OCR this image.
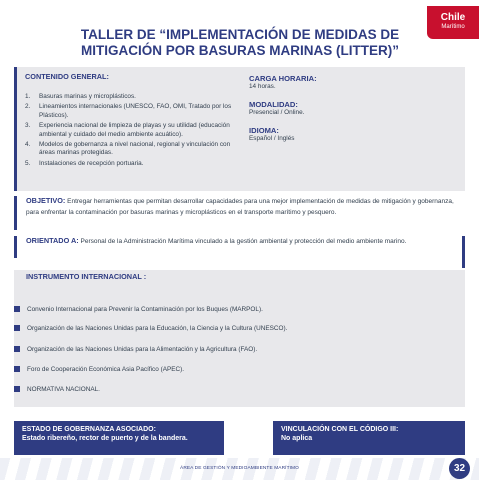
Chile
Marítimo
TALLER DE “IMPLEMENTACIÓN DE MEDIDAS DE
MITIGACIÓN POR BASURAS MARINAS (LITTER)”
CONTENIDO GENERAL:
1. Basuras marinas y microplásticos.
2. Lineamientos internacionales (UNESCO, FAO, OMI, Tratado por los Plásticos).
3. Experiencia nacional de limpieza de playas y su utilidad (educación ambiental y cuidado del medio ambiente acuático).
4. Modelos de gobernanza a nivel nacional, regional y vinculación con áreas marinas protegidas.
5. Instalaciones de recepción portuaria.
CARGA HORARIA:
14 horas.
MODALIDAD:
Presencial / Online.
IDIOMA:
Español / Inglés
OBJETIVO: Entregar herramientas que permitan desarrollar capacidades para una mejor implementación de medidas de mitigación y gobernanza, para enfrentar la contaminación por basuras marinas y microplásticos en el transporte marítimo y pesquero.
ORIENTADO A: Personal de la Administración Marítima vinculado a la gestión ambiental y protección del medio ambiente marino.
INSTRUMENTO INTERNACIONAL :
Convenio Internacional para Prevenir la Contaminación por los Buques (MARPOL).
Organización de las Naciones Unidas para la Educación, la Ciencia y la Cultura (UNESCO).
Organización de las Naciones Unidas para la Alimentación y la Agricultura (FAO).
Foro de Cooperación Económica Asia Pacífico (APEC).
NORMATIVA NACIONAL.
ESTADO DE GOBERNANZA ASOCIADO:
Estado ribereño, rector de puerto y de la bandera.
VINCULACIÓN CON EL CÓDIGO III:
No aplica
ÁREA DE GESTIÓN Y MEDIOAMBIENTE MARÍTIMO	32
